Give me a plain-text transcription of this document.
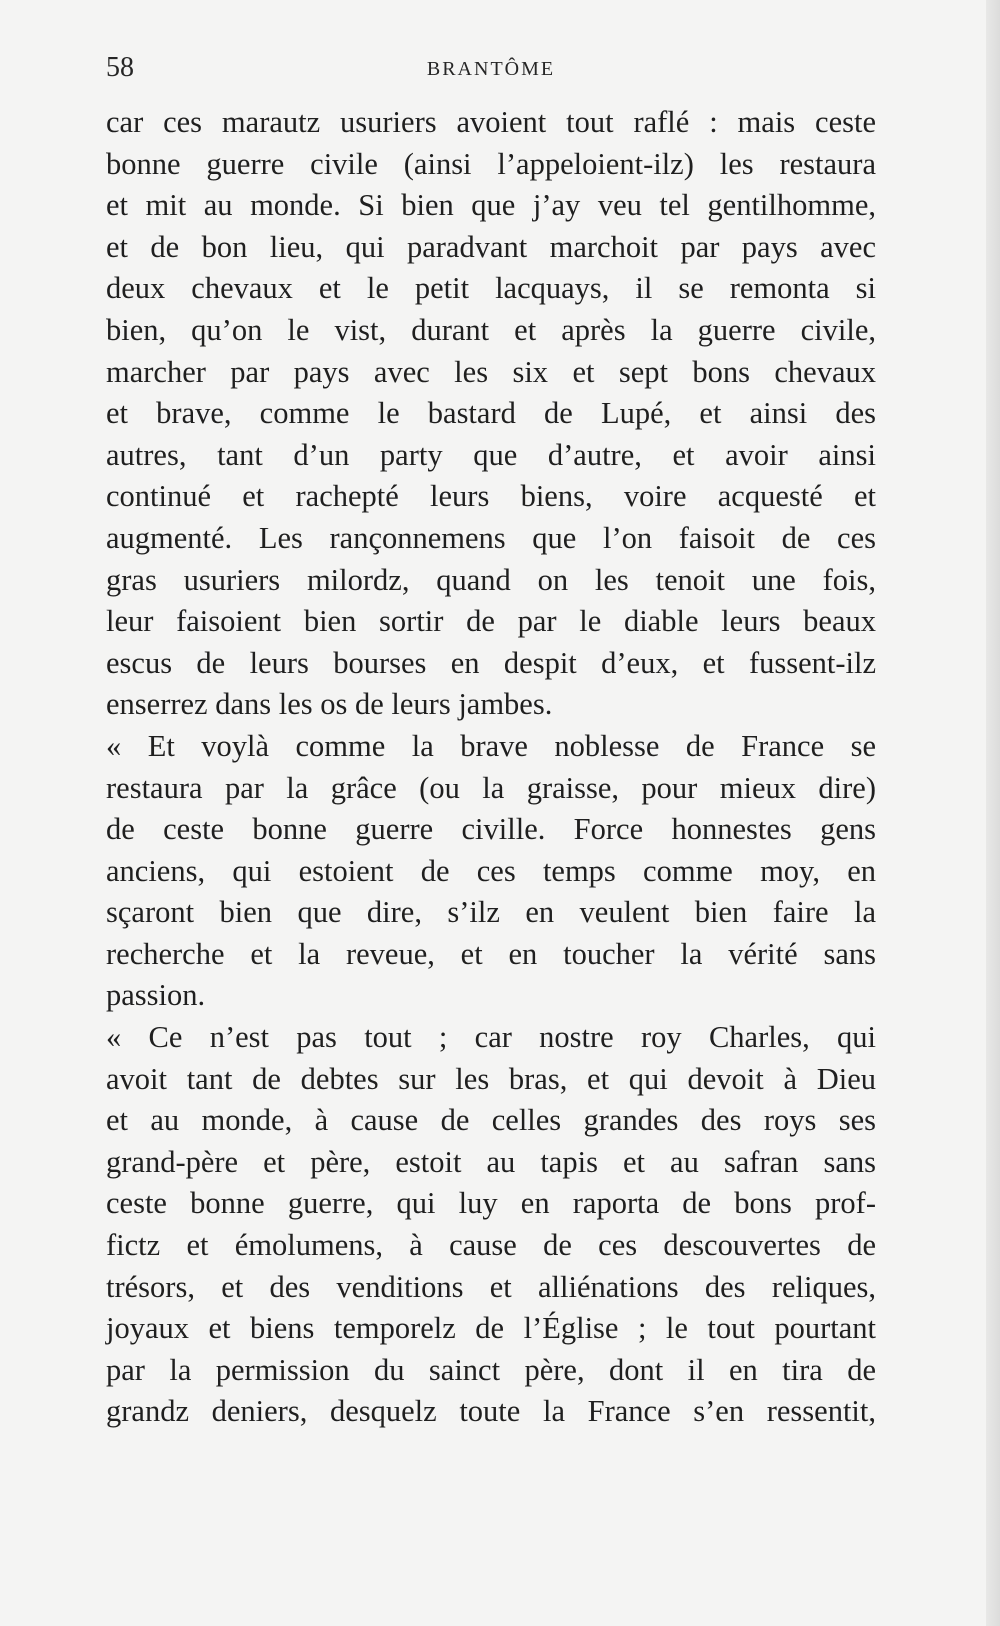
58	BRANTÔME
car ces marautz usuriers avoient tout raflé : mais ceste
bonne guerre civile (ainsi l’appeloient-ilz) les restaura
et mit au monde. Si bien que j’ay veu tel gentilhomme,
et de bon lieu, qui paradvant marchoit par pays avec
deux chevaux et le petit lacquays, il se remonta si
bien, qu’on le vist, durant et après la guerre civile,
marcher par pays avec les six et sept bons chevaux
et brave, comme le bastard de Lupé, et ainsi des
autres, tant d’un party que d’autre, et avoir ainsi
continué et rachepté leurs biens, voire acquesté et
augmenté. Les rançonnemens que l’on faisoit de ces
gras usuriers milordz, quand on les tenoit une fois,
leur faisoient bien sortir de par le diable leurs beaux
escus de leurs bourses en despit d’eux, et fussent-ilz
enserrez dans les os de leurs jambes.
« Et voylà comme la brave noblesse de France se
restaura par la grâce (ou la graisse, pour mieux dire)
de ceste bonne guerre civille. Force honnestes gens
anciens, qui estoient de ces temps comme moy, en
sçaront bien que dire, s’ilz en veulent bien faire la
recherche et la reveue, et en toucher la vérité sans
passion.
« Ce n’est pas tout ; car nostre roy Charles, qui
avoit tant de debtes sur les bras, et qui devoit à Dieu
et au monde, à cause de celles grandes des roys ses
grand-père et père, estoit au tapis et au safran sans
ceste bonne guerre, qui luy en raporta de bons prof-
fictz et émolumens, à cause de ces descouvertes de
trésors, et des venditions et alliénations des reliques,
joyaux et biens temporelz de l’Église ; le tout pourtant
par la permission du sainct père, dont il en tira de
grandz deniers, desquelz toute la France s’en ressentit,
